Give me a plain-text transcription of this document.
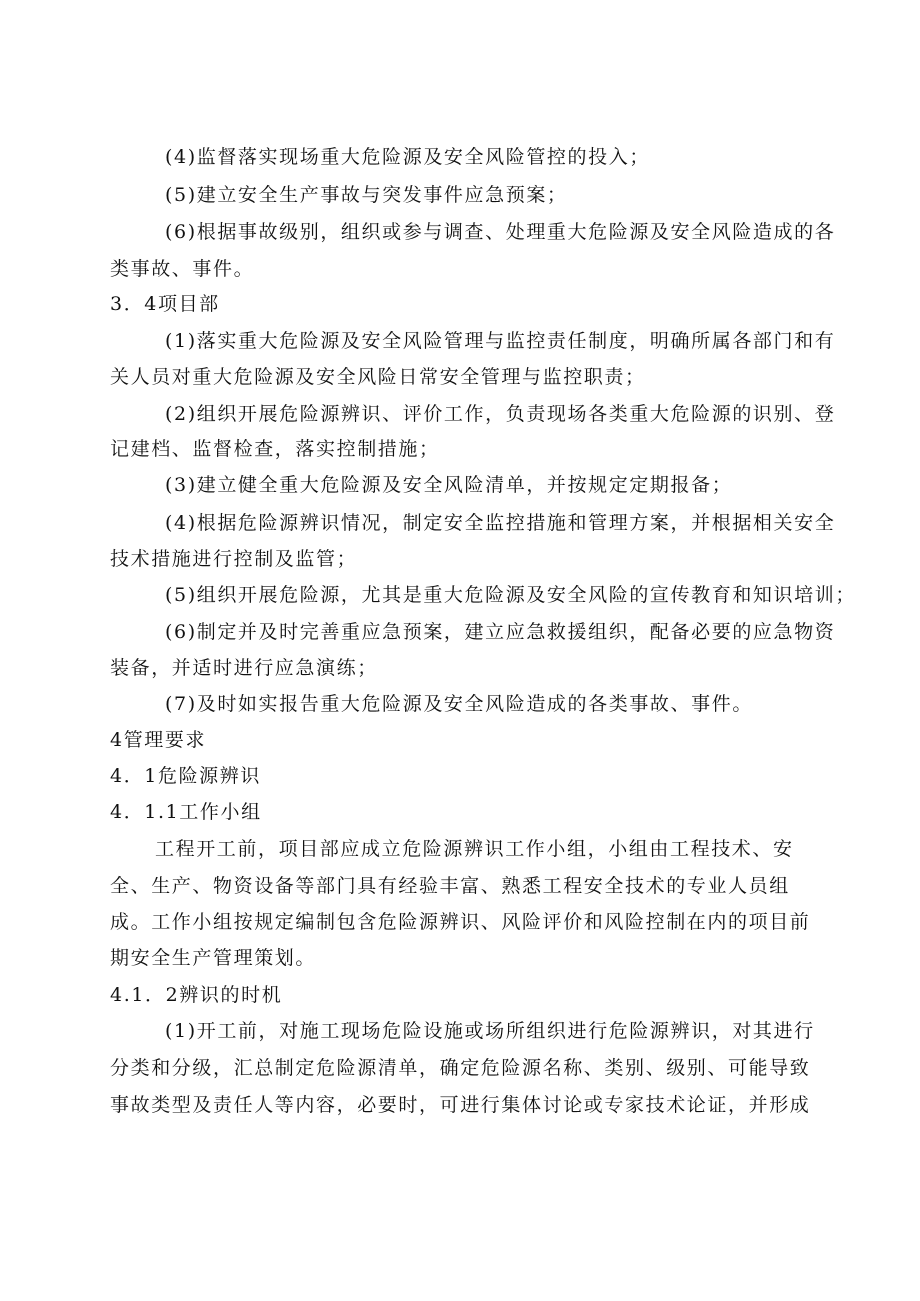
(4)监督落实现场重大危险源及安全风险管控的投入；
(5)建立安全生产事故与突发事件应急预案；
(6)根据事故级别，组织或参与调查、处理重大危险源及安全风险造成的各
类事故、事件。
3．4项目部
(1)落实重大危险源及安全风险管理与监控责任制度，明确所属各部门和有
关人员对重大危险源及安全风险日常安全管理与监控职责；
(2)组织开展危险源辨识、评价工作，负责现场各类重大危险源的识别、登
记建档、监督检查，落实控制措施；
(3)建立健全重大危险源及安全风险清单，并按规定定期报备；
(4)根据危险源辨识情况，制定安全监控措施和管理方案，并根据相关安全
技术措施进行控制及监管；
(5)组织开展危险源，尤其是重大危险源及安全风险的宣传教育和知识培训；
(6)制定并及时完善重应急预案，建立应急救援组织，配备必要的应急物资
装备，并适时进行应急演练；
(7)及时如实报告重大危险源及安全风险造成的各类事故、事件。
4管理要求
4．1危险源辨识
4．1.1工作小组
工程开工前，项目部应成立危险源辨识工作小组，小组由工程技术、安
全、生产、物资设备等部门具有经验丰富、熟悉工程安全技术的专业人员组
成。工作小组按规定编制包含危险源辨识、风险评价和风险控制在内的项目前
期安全生产管理策划。
4.1．2辨识的时机
(1)开工前，对施工现场危险设施或场所组织进行危险源辨识，对其进行
分类和分级，汇总制定危险源清单，确定危险源名称、类别、级别、可能导致
事故类型及责任人等内容，必要时，可进行集体讨论或专家技术论证，并形成
